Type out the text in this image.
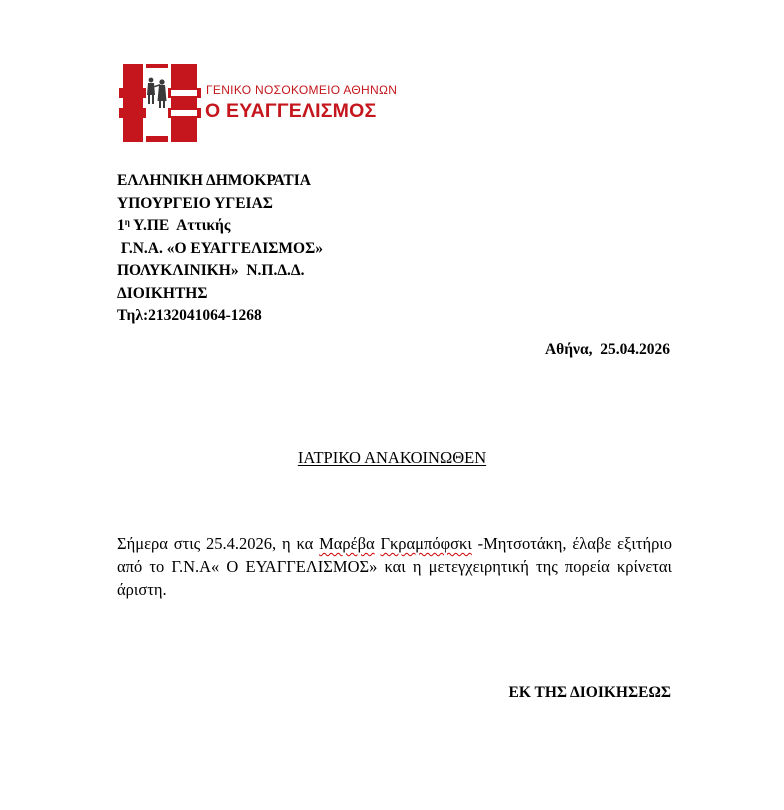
ΓΕΝΙΚΟ ΝΟΣΟΚΟΜΕΙΟ ΑΘΗΝΩΝ
Ο ΕΥΑΓΓΕΛΙΣΜΟΣ
ΕΛΛΗΝΙΚΗ ΔΗΜΟΚΡΑΤΙΑ
ΥΠΟΥΡΓΕΙΟ ΥΓΕΙΑΣ
$1^\eta$ Υ.ΠΕ  Αττικής
Γ.Ν.Α. «Ο ΕΥΑΓΓΕΛΙΣΜΟΣ»
ΠΟΛΥΚΛΙΝΙΚΗ»  Ν.Π.Δ.Δ.
ΔΙΟΙΚΗΤΗΣ
Τηλ:2132041064-1268
Αθήνα,  25.04.2026
ΙΑΤΡΙΚΟ ΑΝΑΚΟΙΝΩΘΕΝ
Σήμερα στις 25.4.2026, η κα Μαρέβα Γκραμπόφσκι -Μητσοτάκη, έλαβε εξιτήριο από το Γ.Ν.Α« Ο ΕΥΑΓΓΕΛΙΣΜΟΣ» και η μετεγχειρητική της πορεία κρίνεται άριστη.
ΕΚ ΤΗΣ ΔΙΟΙΚΗΣΕΩΣ
